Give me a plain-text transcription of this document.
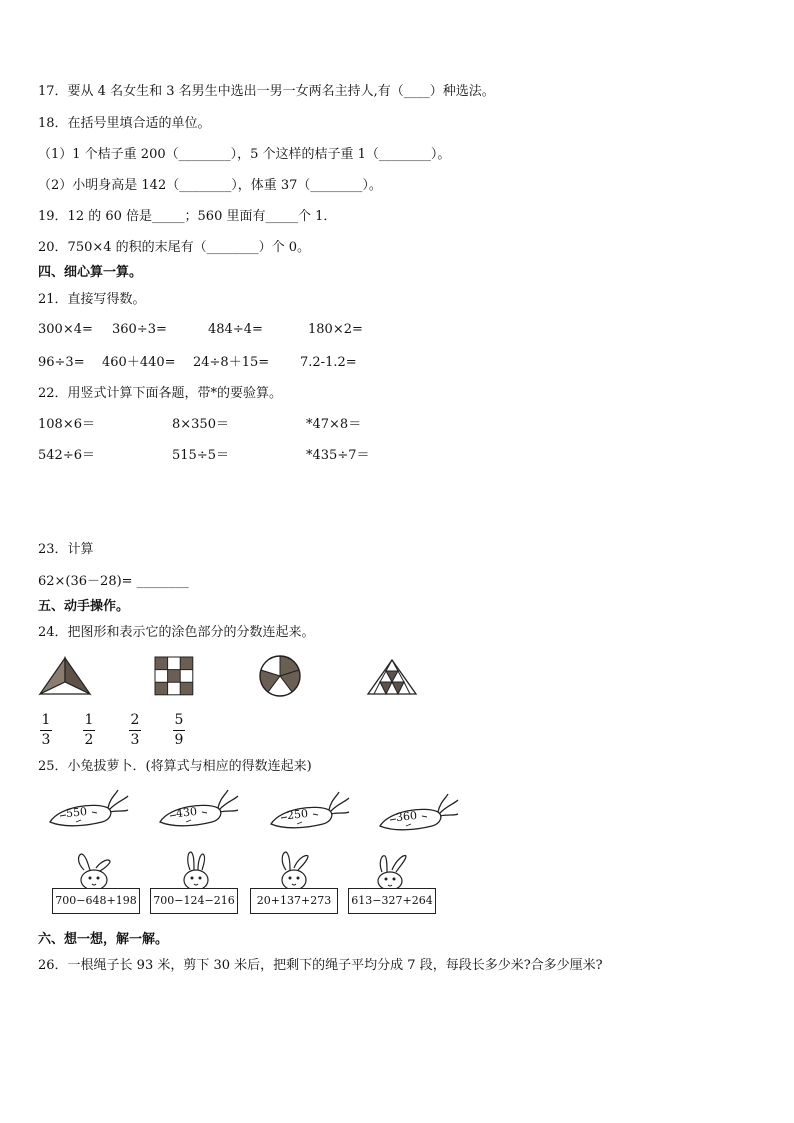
17．要从 4 名女生和 3 名男生中选出一男一女两名主持人,有（____）种选法。
18．在括号里填合适的单位。
（1）1 个桔子重 200（________），5 个这样的桔子重 1（________）。
（2）小明身高是 142（________），体重 37（________）。
19．12 的 60 倍是_____；560 里面有_____个 1．
20．750×4 的积的末尾有（________）个 0。
四、细心算一算。
21．直接写得数。
300×4= 360÷3=	484÷4=	180×2=
96÷3= 460＋440= 24÷8＋15= 7.2-1.2=
22．用竖式计算下面各题，带*的要验算。
108×6＝	8×350＝	*47×8＝
542÷6＝	515÷5＝	*435÷7＝
23．计算
62×(36－28)= ________
五、动手操作。
24．把图形和表示它的涂色部分的分数连起来。
1
3
1
2
2
3
5
9
25．小兔拔萝卜．(将算式与相应的得数连起来)
550	430	250	360
700−648+198 700−124−216	20+137+273	613−327+264
六、想一想，解一解。
26．一根绳子长 93 米，剪下 30 米后，把剩下的绳子平均分成 7 段，每段长多少米?合多少厘米?
